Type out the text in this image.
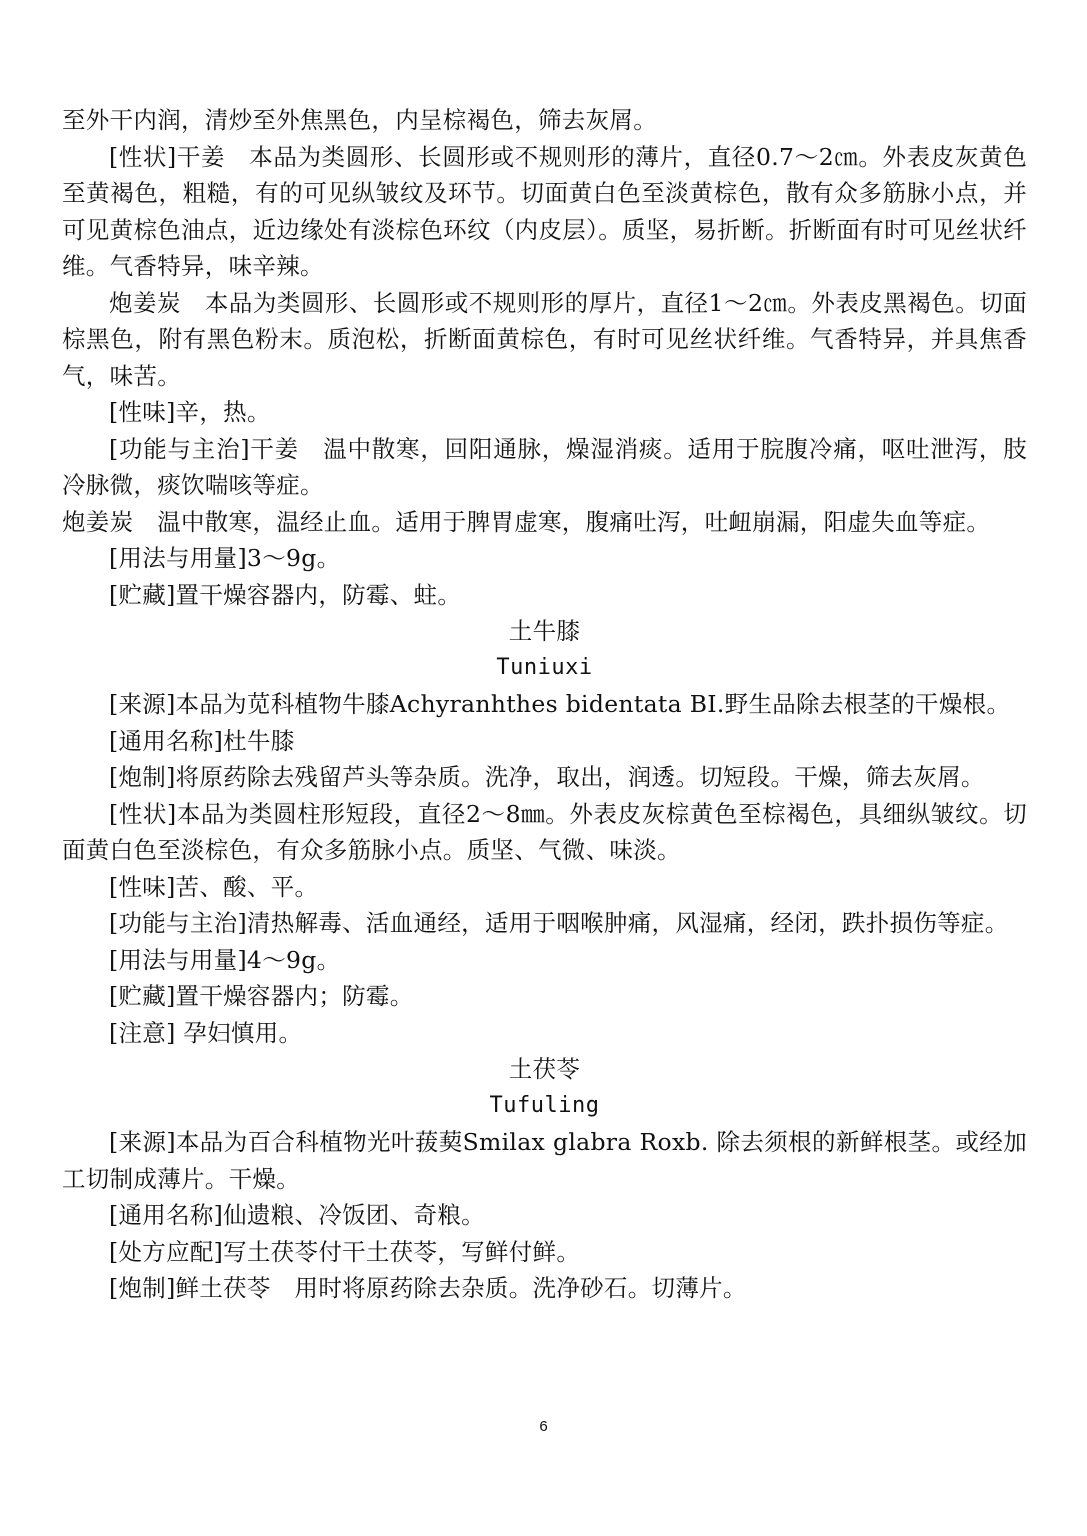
至外干内润，清炒至外焦黑色，内呈棕褐色，筛去灰屑。

[性状]干姜　本品为类圆形、长圆形或不规则形的薄片，直径0.7～2㎝。外表皮灰黄色至黄褐色，粗糙，有的可见纵皱纹及环节。切面黄白色至淡黄棕色，散有众多筋脉小点，并可见黄棕色油点，近边缘处有淡棕色环纹（内皮层）。质坚，易折断。折断面有时可见丝状纤维。气香特异，味辛辣。

炮姜炭　本品为类圆形、长圆形或不规则形的厚片，直径1～2㎝。外表皮黑褐色。切面棕黑色，附有黑色粉末。质泡松，折断面黄棕色，有时可见丝状纤维。气香特异，并具焦香气，味苦。

[性味]辛，热。

[功能与主治]干姜　温中散寒，回阳通脉，燥湿消痰。适用于脘腹冷痛，呕吐泄泻，肢冷脉微，痰饮喘咳等症。

炮姜炭　温中散寒，温经止血。适用于脾胃虚寒，腹痛吐泻，吐衄崩漏，阳虚失血等症。

[用法与用量]3～9g。

[贮藏]置干燥容器内，防霉、蛀。

土牛膝

Tuniuxi

[来源]本品为苋科植物牛膝Achyranhthes bidentata BI.野生品除去根茎的干燥根。

[通用名称]杜牛膝

[炮制]将原药除去残留芦头等杂质。洗净，取出，润透。切短段。干燥，筛去灰屑。

[性状]本品为类圆柱形短段，直径2～8㎜。外表皮灰棕黄色至棕褐色，具细纵皱纹。切面黄白色至淡棕色，有众多筋脉小点。质坚、气微、味淡。

[性味]苦、酸、平。

[功能与主治]清热解毒、活血通经，适用于咽喉肿痛，风湿痛，经闭，跌扑损伤等症。

[用法与用量]4～9g。

[贮藏]置干燥容器内；防霉。

[注意] 孕妇慎用。

土茯苓

Tufuling

[来源]本品为百合科植物光叶菝葜Smilax glabra Roxb. 除去须根的新鲜根茎。或经加工切制成薄片。干燥。

[通用名称]仙遗粮、冷饭团、奇粮。

[处方应配]写土茯苓付干土茯苓，写鲜付鲜。

[炮制]鲜土茯苓　用时将原药除去杂质。洗净砂石。切薄片。

6
